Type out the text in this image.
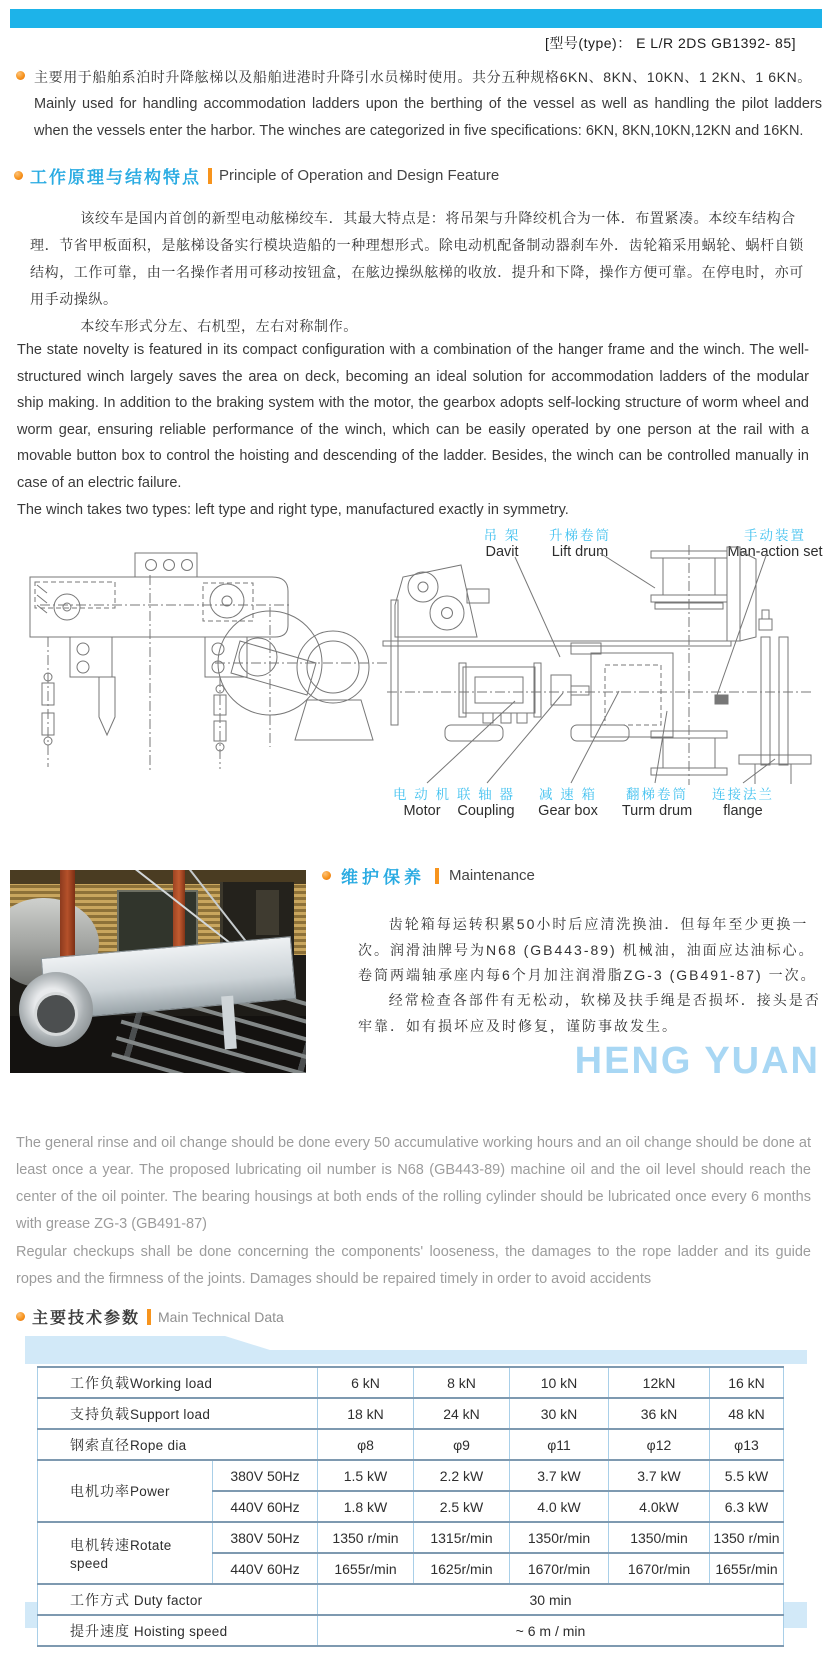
[型号(type)： E L/R 2DS GB1392- 85]

主要用于船舶系泊时升降舷梯以及船舶进港时升降引水员梯时使用。共分五种规格6KN、8KN、10KN、1 2KN、1 6KN。

Mainly used for handling accommodation ladders upon the berthing of the vessel as well as handling the pilot ladders when the vessels enter the harbor. The winches are categorized in five specifications: 6KN, 8KN,10KN,12KN and 16KN.

工作原理与结构特点 Principle of Operation and Design Feature

该绞车是国内首创的新型电动舷梯绞车．其最大特点是：将吊架与升降绞机合为一体．布置紧凑。本绞车结构合理．节省甲板面积，是舷梯设备实行模块造船的一种理想形式。除电动机配备制动器刹车外．齿轮箱采用蜗轮、蜗杆自锁结构，工作可靠，由一名操作者用可移动按钮盒，在舷边操纵舷梯的收放．提升和下降，操作方便可靠。在停电时，亦可用手动操纵。

本绞车形式分左、右机型，左右对称制作。

The state novelty is featured in its compact configuration with a combination of the hanger frame and the winch. The well-structured winch largely saves the area on deck, becoming an ideal solution for accommodation ladders of the modular ship making. In addition to the braking system with the motor, the gearbox adopts self-locking structure of worm wheel and worm gear, ensuring reliable performance of the winch, which can be easily operated by one person at the rail with a movable button box to control the hoisting and descending of the ladder. Besides, the winch can be controlled manually in case of an electric failure.

The winch takes two types: left type and right type, manufactured exactly in symmetry.

吊 架
Davit
升梯卷筒
Lift drum
手动装置
Man-action set
电 动 机
Motor
联 轴 器
Coupling
减 速 箱
Gear box
翻梯卷筒
Turm drum
连接法兰
flange
维护保养 Maintenance

齿轮箱每运转积累50小时后应清洗换油．但每年至少更换一次。润滑油牌号为N68 (GB443-89) 机械油，油面应达油标心。卷筒两端轴承座内每6个月加注润滑脂ZG-3 (GB491-87) 一次。

经常检查各部件有无松动，软梯及扶手绳是否损坏．接头是否牢靠．如有损坏应及时修复，谨防事故发生。

HENG YUAN

The general rinse and oil change should be done every 50 accumulative working hours and an oil change should be done at least once a year. The proposed lubricating oil number is N68 (GB443-89) machine oil and the oil level should reach the center of the oil pointer. The bearing housings at both ends of the rolling cylinder should be lubricated once every 6 months with grease ZG-3 (GB491-87)

Regular checkups shall be done concerning the components' looseness, the damages to the rope ladder and its guide ropes and the firmness of the joints. Damages should be repaired timely in order to avoid accidents

主要技术参数 Main Technical Data
工作负载Working load		6 kN	8 kN	10 kN	12kN	16 kN
支持负载Support load		18 kN	24 kN	30 kN	36 kN	48 kN
钢索直径Rope dia		φ8	φ9	φ11	φ12	φ13
电机功率Power	380V 50Hz	1.5 kW	2.2 kW	3.7 kW	3.7 kW	5.5 kW
	440V 60Hz	1.8 kW	2.5 kW	4.0 kW	4.0kW	6.3 kW
电机转速Rotate speed	380V 50Hz	1350 r/min	1315r/min	1350r/min	1350/min	1350 r/min
	440V 60Hz	1655r/min	1625r/min	1670r/min	1670r/min	1655r/min
工作方式 Duty factor		30 min				
提升速度 Hoisting speed		~ 6 m / min				
